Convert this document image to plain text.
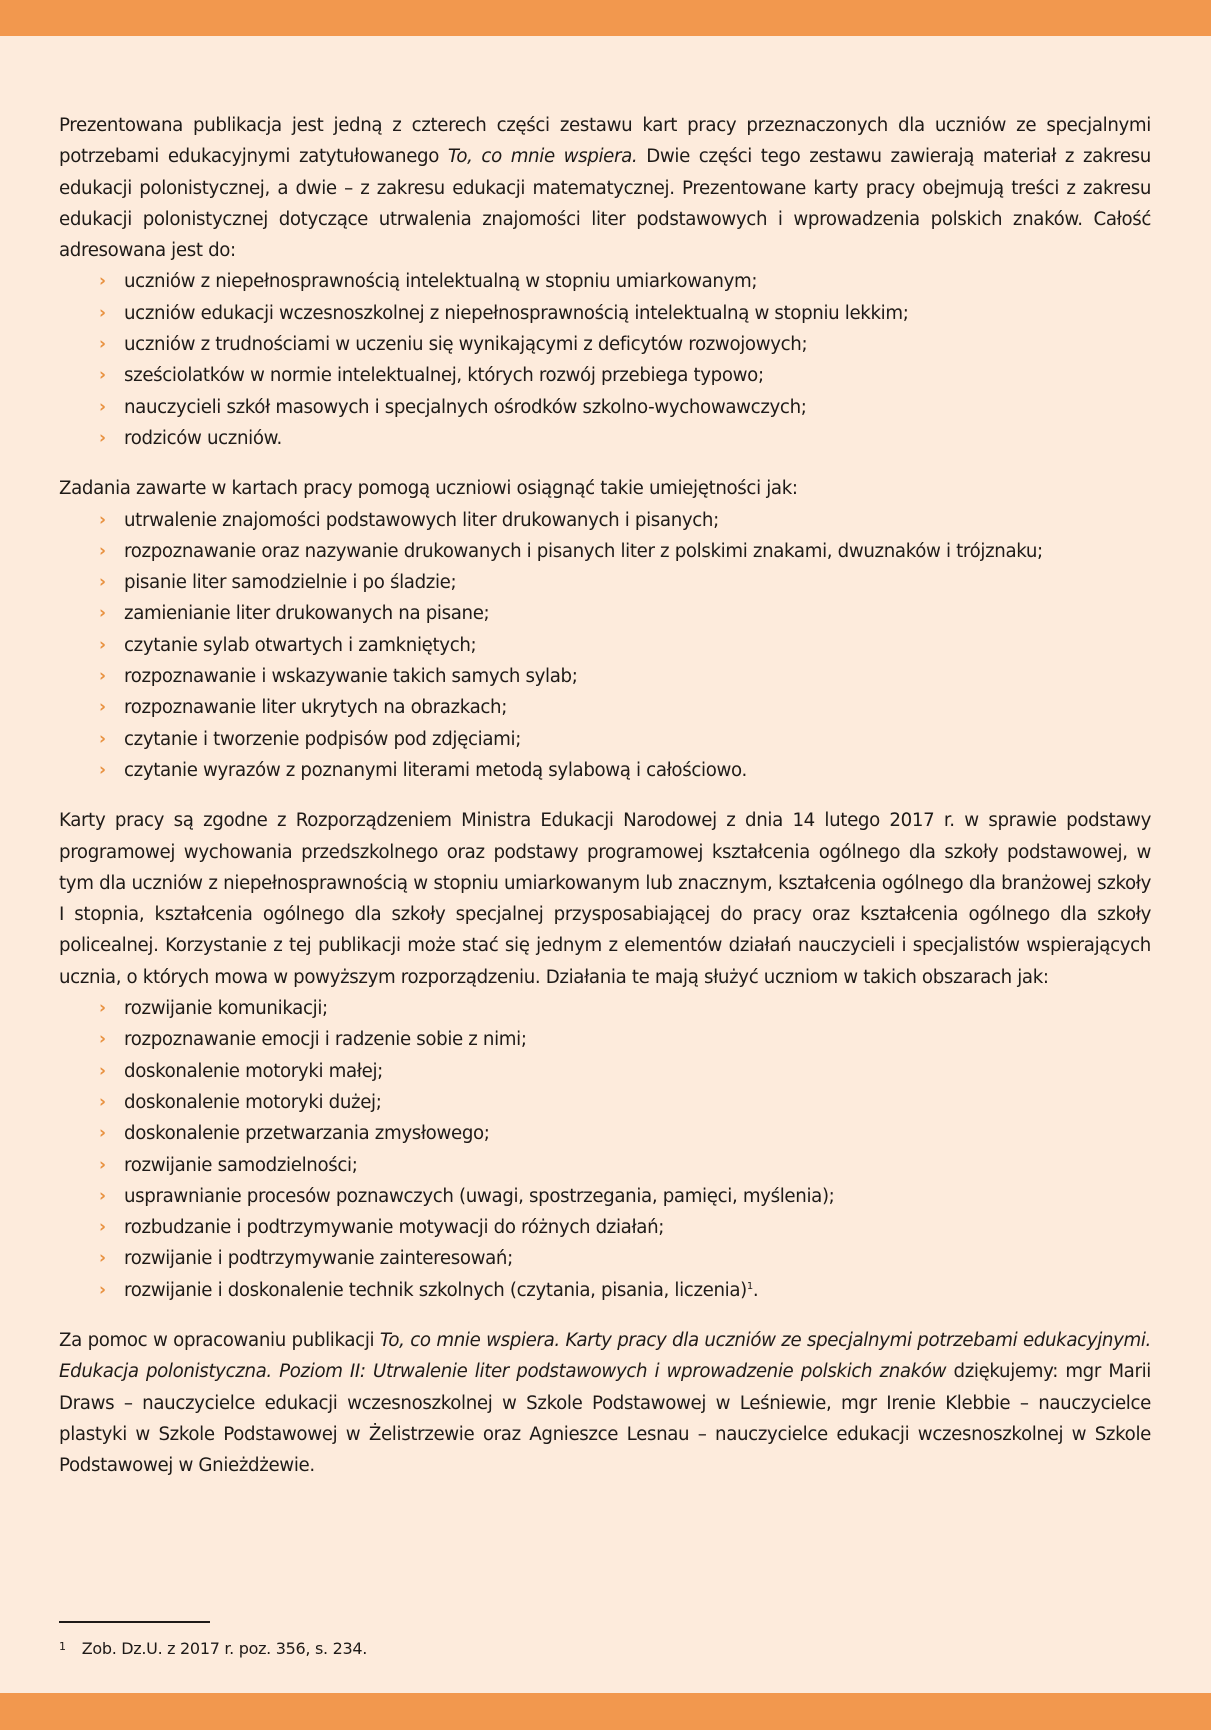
Prezentowana publikacja jest jedną z czterech części zestawu kart pracy przeznaczonych dla uczniów ze specjalnymi potrzebami edukacyjnymi zatytułowanego To, co mnie wspiera. Dwie części tego zestawu zawierają materiał z zakresu edukacji polonistycznej, a dwie – z zakresu edukacji matematycznej. Prezentowane karty pracy obejmują treści z zakresu edukacji polonistycznej dotyczące utrwalenia znajomości liter podstawowych i wprowadzenia polskich znaków. Całość adresowana jest do:

› uczniów z niepełnosprawnością intelektualną w stopniu umiarkowanym;
› uczniów edukacji wczesnoszkolnej z niepełnosprawnością intelektualną w stopniu lekkim;
› uczniów z trudnościami w uczeniu się wynikającymi z deficytów rozwojowych;
› sześciolatków w normie intelektualnej, których rozwój przebiega typowo;
› nauczycieli szkół masowych i specjalnych ośrodków szkolno-wychowawczych;
› rodziców uczniów.

Zadania zawarte w kartach pracy pomogą uczniowi osiągnąć takie umiejętności jak:

› utrwalenie znajomości podstawowych liter drukowanych i pisanych;
› rozpoznawanie oraz nazywanie drukowanych i pisanych liter z polskimi znakami, dwuznaków i trójznaku;
› pisanie liter samodzielnie i po śladzie;
› zamienianie liter drukowanych na pisane;
› czytanie sylab otwartych i zamkniętych;
› rozpoznawanie i wskazywanie takich samych sylab;
› rozpoznawanie liter ukrytych na obrazkach;
› czytanie i tworzenie podpisów pod zdjęciami;
› czytanie wyrazów z poznanymi literami metodą sylabową i całościowo.

Karty pracy są zgodne z Rozporządzeniem Ministra Edukacji Narodowej z dnia 14 lutego 2017 r. w sprawie podstawy programowej wychowania przedszkolnego oraz podstawy programowej kształcenia ogólnego dla szkoły podstawowej, w tym dla uczniów z niepełnosprawnością w stopniu umiarkowanym lub znacznym, kształcenia ogólnego dla branżowej szkoły I stopnia, kształcenia ogólnego dla szkoły specjalnej przysposabiającej do pracy oraz kształcenia ogólnego dla szkoły policealnej. Korzystanie z tej publikacji może stać się jednym z elementów działań nauczycieli i specjalistów wspierających ucznia, o których mowa w powyższym rozporządzeniu. Działania te mają służyć uczniom w takich obszarach jak:

› rozwijanie komunikacji;
› rozpoznawanie emocji i radzenie sobie z nimi;
› doskonalenie motoryki małej;
› doskonalenie motoryki dużej;
› doskonalenie przetwarzania zmysłowego;
› rozwijanie samodzielności;
› usprawnianie procesów poznawczych (uwagi, spostrzegania, pamięci, myślenia);
› rozbudzanie i podtrzymywanie motywacji do różnych działań;
› rozwijanie i podtrzymywanie zainteresowań;
› rozwijanie i doskonalenie technik szkolnych (czytania, pisania, liczenia)$^1$.

Za pomoc w opracowaniu publikacji To, co mnie wspiera. Karty pracy dla uczniów ze specjalnymi potrzebami edukacyjnymi. Edukacja polonistyczna. Poziom II: Utrwalenie liter podstawowych i wprowadzenie polskich znaków dziękujemy: mgr Marii Draws – nauczycielce edukacji wczesnoszkolnej w Szkole Podstawowej w Leśniewie, mgr Irenie Klebbie – nauczycielce plastyki w Szkole Podstawowej w Żelistrzewie oraz Agnieszce Lesnau – nauczycielce edukacji wczesnoszkolnej w Szkole Podstawowej w Gnieżdżewie.

$^1$ Zob. Dz.U. z 2017 r. poz. 356, s. 234.
